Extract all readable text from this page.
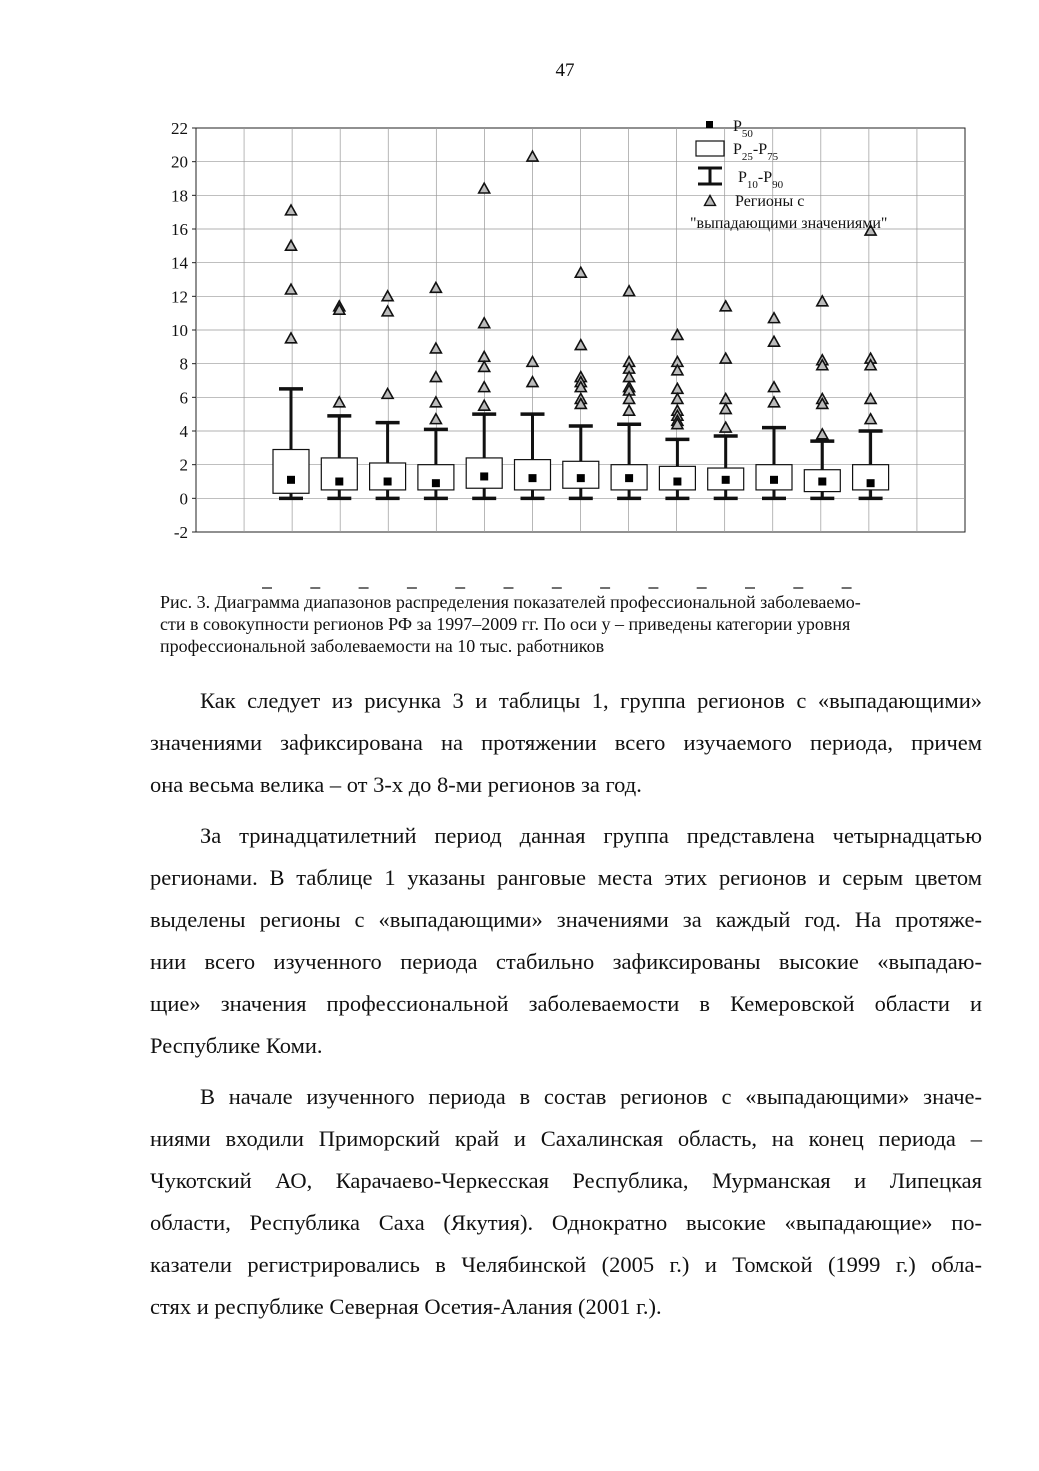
47
22
20
18
16
14
12
10
8
6
4
2
0
-2
$P_{50}$
$P_{25}-P_{75}$
$P_{10}-P_{90}$
Регионы с
"выпадающими значениями"
Рис. 3. Диаграмма диапазонов распределения показателей профессиональной заболеваемо-
сти в совокупности регионов РФ за 1997–2009 гг. По оси у – приведены категории уровня
профессиональной заболеваемости на 10 тыс. работников
Как следует из рисунка 3 и таблицы 1, группа регионов с «выпадающими»
значениями зафиксирована на протяжении всего изучаемого периода, причем
она весьма велика – от 3-х до 8-ми регионов за год.
За тринадцатилетний период данная группа представлена четырнадцатью
регионами. В таблице 1 указаны ранговые места этих регионов и серым цветом
выделены регионы с «выпадающими» значениями за каждый год. На протяже-
нии всего изученного периода стабильно зафиксированы высокие «выпадаю-
щие» значения профессиональной заболеваемости в Кемеровской области и
Республике Коми.
В начале изученного периода в состав регионов с «выпадающими» значе-
ниями входили Приморский край и Сахалинская область, на конец периода –
Чукотский АО, Карачаево-Черкесская Республика, Мурманская и Липецкая
области, Республика Саха (Якутия). Однократно высокие «выпадающие» по-
казатели регистрировались в Челябинской (2005 г.) и Томской (1999 г.) обла-
стях и республике Северная Осетия-Алания (2001 г.).
